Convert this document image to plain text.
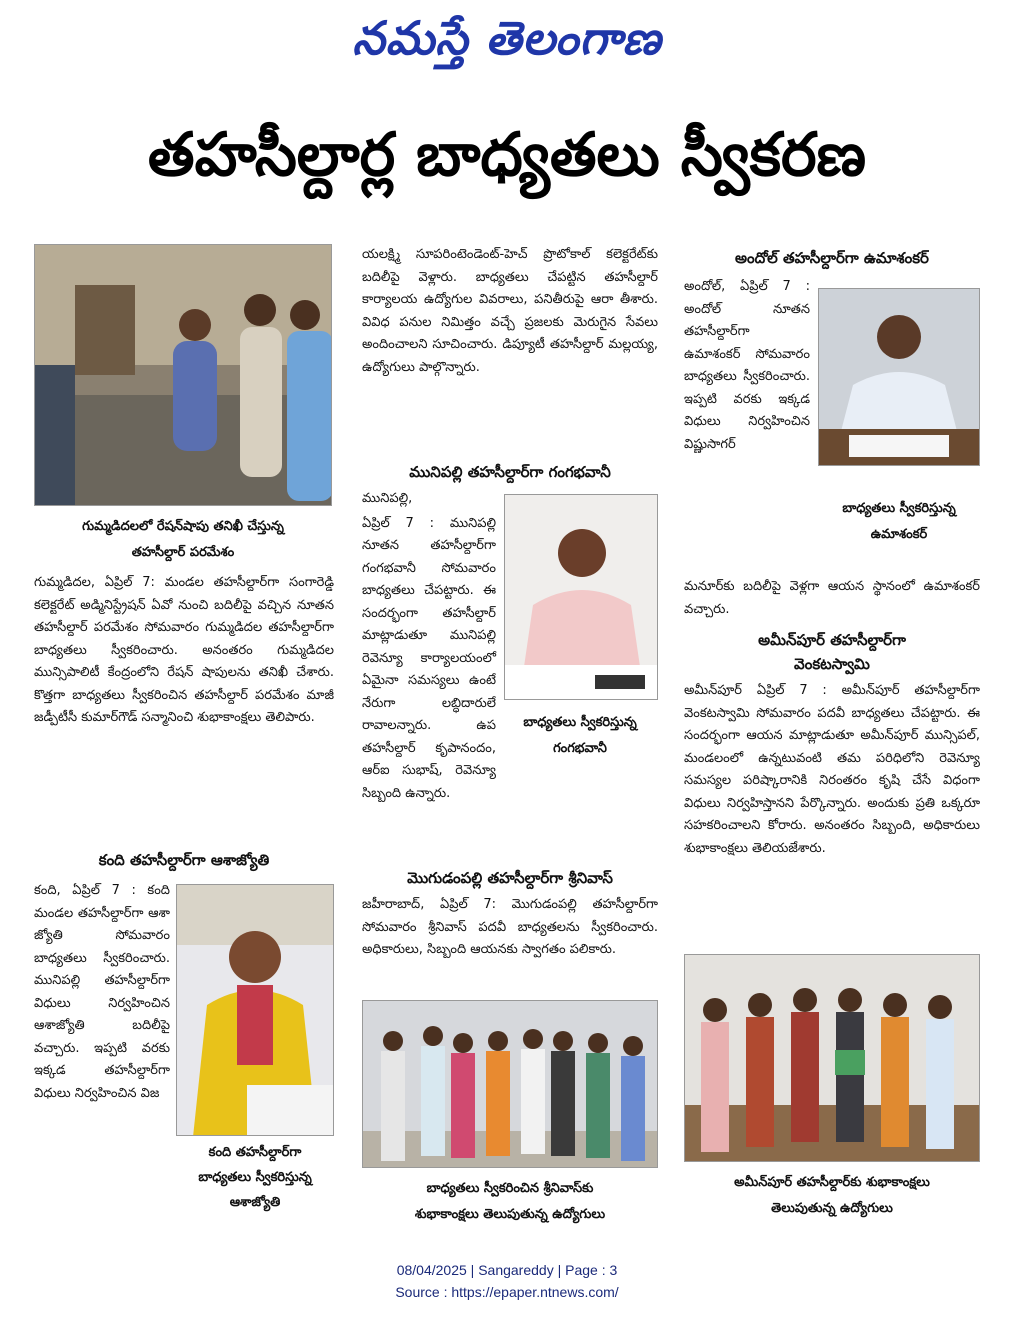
నమస్తే తెలంగాణ
తహసీల్దార్ల బాధ్యతలు స్వీకరణ
గుమ్మడిదలలో రేషన్‌షాపు తనిఖీ చేస్తున్న
తహసీల్దార్ పరమేశం

గుమ్మడిదల, ఏప్రిల్ 7: మండల తహసీల్దార్‌గా సంగారెడ్డి కలెక్టరేట్ అడ్మినిస్ట్రేషన్ ఏవో నుంచి బదిలీపై వచ్చిన నూతన తహసీల్దార్ పరమేశం సోమవారం గుమ్మడిదల తహసీల్దార్‌గా బాధ్యతలు స్వీకరించారు. అనంతరం గుమ్మడిదల మున్సిపాలిటీ కేంద్రంలోని రేషన్ షాపులను తనిఖీ చేశారు. కొత్తగా బాధ్యతలు స్వీకరించిన తహసీల్దార్ పరమేశం మాజీ జడ్పీటీసీ కుమార్‌గౌడ్ సన్మానించి శుభాకాంక్షలు తెలిపారు.

కంది తహసీల్దార్‌గా ఆశాజ్యోతి

కంది, ఏప్రిల్ 7 : కంది మండల తహసీల్దార్‌గా ఆశా జ్యోతి సోమవారం బాధ్యతలు స్వీకరించారు. మునిపల్లి తహసీల్దార్‌గా విధులు నిర్వహించిన ఆశాజ్యోతి బదిలీపై వచ్చారు. ఇప్పటి వరకు ఇక్కడ తహసీల్దార్‌గా విధులు నిర్వహించిన విజ

కంది తహసీల్దార్‌గా
బాధ్యతలు స్వీకరిస్తున్న
ఆశాజ్యోతి

యలక్ష్మి సూపరింటెండెంట్-హెచ్ ప్రొటోకాల్ కలెక్టరేట్‌కు బదిలీపై వెళ్లారు. బాధ్యతలు చేపట్టిన తహసీల్దార్ కార్యాలయ ఉద్యోగుల వివరాలు, పనితీరుపై ఆరా తీశారు. వివిధ పనుల నిమిత్తం వచ్చే ప్రజలకు మెరుగైన సేవలు అందించాలని సూచించారు. డిప్యూటీ తహసీల్దార్ మల్లయ్య, ఉద్యోగులు పాల్గొన్నారు.

మునిపల్లి తహసీల్దార్‌గా గంగభవానీ

మునిపల్లి,

ఏప్రిల్ 7 : మునిపల్లి నూతన తహసీల్దార్‌గా గంగభవానీ సోమవారం బాధ్యతలు చేపట్టారు. ఈ సందర్భంగా తహసీల్దార్ మాట్లాడుతూ మునిపల్లి రెవెన్యూ కార్యాలయంలో ఏమైనా సమస్యలు ఉంటే నేరుగా లబ్ధిదారులే రావాలన్నారు. ఉప తహసీల్దార్ కృపానందం, ఆర్‌ఐ సుభాష్, రెవెన్యూ సిబ్బంది ఉన్నారు.

బాధ్యతలు స్వీకరిస్తున్న
గంగభవానీ
మొగుడంపల్లి తహసీల్దార్‌గా శ్రీనివాస్

జహీరాబాద్, ఏప్రిల్ 7: మొగుడంపల్లి తహసీల్దార్‌గా సోమవారం శ్రీనివాస్ పదవీ బాధ్యతలను స్వీకరించారు. అధికారులు, సిబ్బంది ఆయనకు స్వాగతం పలికారు.

బాధ్యతలు స్వీకరించిన శ్రీనివాస్‌కు
శుభాకాంక్షలు తెలుపుతున్న ఉద్యోగులు
అందోల్ తహసీల్దార్‌గా ఉమాశంకర్

అందోల్, ఏప్రిల్ 7 : అందోల్ నూతన తహసీల్దార్‌గా ఉమాశంకర్ సోమవారం బాధ్యతలు స్వీకరించారు. ఇప్పటి వరకు ఇక్కడ విధులు నిర్వహించిన విష్ణుసాగర్

బాధ్యతలు స్వీకరిస్తున్న
ఉమాశంకర్

మనూర్‌కు బదిలీపై వెళ్లగా ఆయన స్థానంలో ఉమాశంకర్ వచ్చారు.

అమీన్‌పూర్ తహసీల్దార్‌గా
వెంకటస్వామి

అమీన్‌పూర్ ఏప్రిల్ 7 : అమీన్‌పూర్ తహసీల్దార్‌గా వెంకటస్వామి సోమవారం పదవీ బాధ్యతలు చేపట్టారు. ఈ సందర్భంగా ఆయన మాట్లాడుతూ అమీన్‌పూర్ మున్సిపల్, మండలంలో ఉన్నటువంటి తమ పరిధిలోని రెవెన్యూ సమస్యల పరిష్కారానికి నిరంతరం కృషి చేసే విధంగా విధులు నిర్వహిస్తానని పేర్కొన్నారు. అందుకు ప్రతి ఒక్కరూ సహకరించాలని కోరారు. అనంతరం సిబ్బంది, అధికారులు శుభాకాంక్షలు తెలియజేశారు.

అమీన్‌పూర్ తహసీల్దార్‌కు శుభాకాంక్షలు
తెలుపుతున్న ఉద్యోగులు
08/04/2025 | Sangareddy | Page : 3
Source : https://epaper.ntnews.com/
